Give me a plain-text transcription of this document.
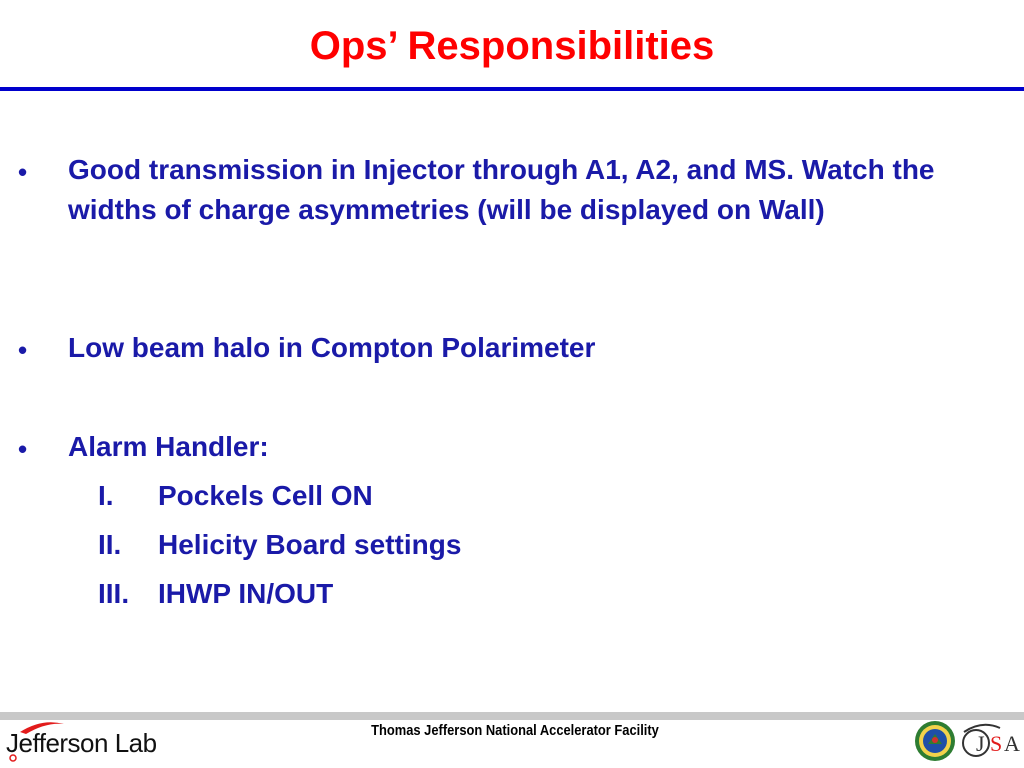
Ops’ Responsibilities
• Good transmission in Injector through A1, A2, and MS. Watch the widths of charge asymmetries (will be displayed on Wall)
• Low beam halo in Compton Polarimeter
• Alarm Handler:
I. Pockels Cell ON
II. Helicity Board settings
III. IHWP IN/OUT
Jefferson Lab	Thomas Jefferson National Accelerator Facility
J S A
